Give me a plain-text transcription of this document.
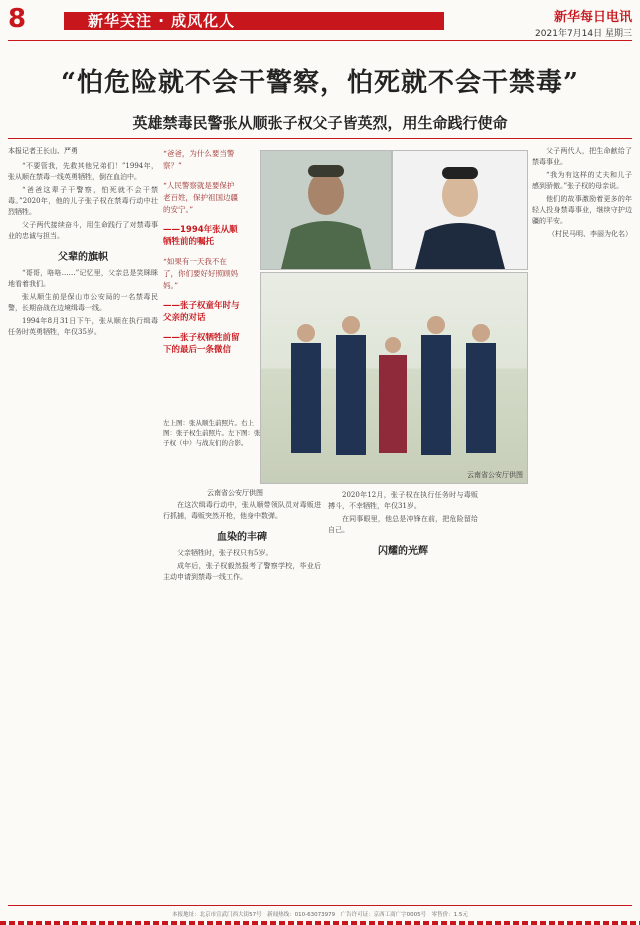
8	新华关注 · 成风化人	新华每日电讯
2021年7月14日 星期三
“怕危险就不会干警察，怕死就不会干禁毒”
英雄禁毒民警张从顺张子权父子皆英烈，用生命践行使命
本报记者王长山、严勇

“不要管我，先救其他兄弟们！”1994年，张从顺在禁毒一线英勇牺牲，倒在血泊中。

“爸爸这辈子干警察，怕死就不会干禁毒。”2020年，他的儿子张子权在禁毒行动中壮烈牺牲。

父子两代接续奋斗，用生命践行了对禁毒事业的忠诚与担当。

父辈的旗帜

“哥哥，咯咯……”记忆里，父亲总是笑眯眯地看着我们。

张从顺生前是保山市公安局的一名禁毒民警，长期奋战在边境缉毒一线。

1994年8月31日下午，张从顺在执行缉毒任务时英勇牺牲，年仅35岁。

“爸爸，为什么要当警察？”

“人民警察就是要保护老百姓，保护祖国边疆的安宁。”

——1994年张从顺牺牲前的嘱托

“如果有一天我不在了，你们要好好照顾妈妈。”

——张子权童年时与父亲的对话

——张子权牺牲前留下的最后一条微信

左上图：张从顺生前照片。右上图：张子权生前照片。左下图：张子权（中）与战友们的合影。
云南省公安厅供图
云南省公安厅供图

在这次缉毒行动中，张从顺带领队员对毒贩进行抓捕，毒贩突然开枪，他身中数弹。

血染的丰碑

父亲牺牲时，张子权只有5岁。

成年后，张子权毅然报考了警察学校，毕业后主动申请到禁毒一线工作。

2020年12月，张子权在执行任务时与毒贩搏斗，不幸牺牲，年仅31岁。

在同事眼里，他总是冲锋在前，把危险留给自己。

闪耀的光辉

父子两代人，把生命献给了禁毒事业。

“我为有这样的丈夫和儿子感到骄傲。”张子权的母亲说。

他们的故事激励着更多的年轻人投身禁毒事业，继续守护边疆的平安。

（村民马明、李丽为化名）

本报地址：北京市宣武门西大街57号　新闻热线：010-63073979　广告许可证：京西工商广字0005号　零售价：1.5元
